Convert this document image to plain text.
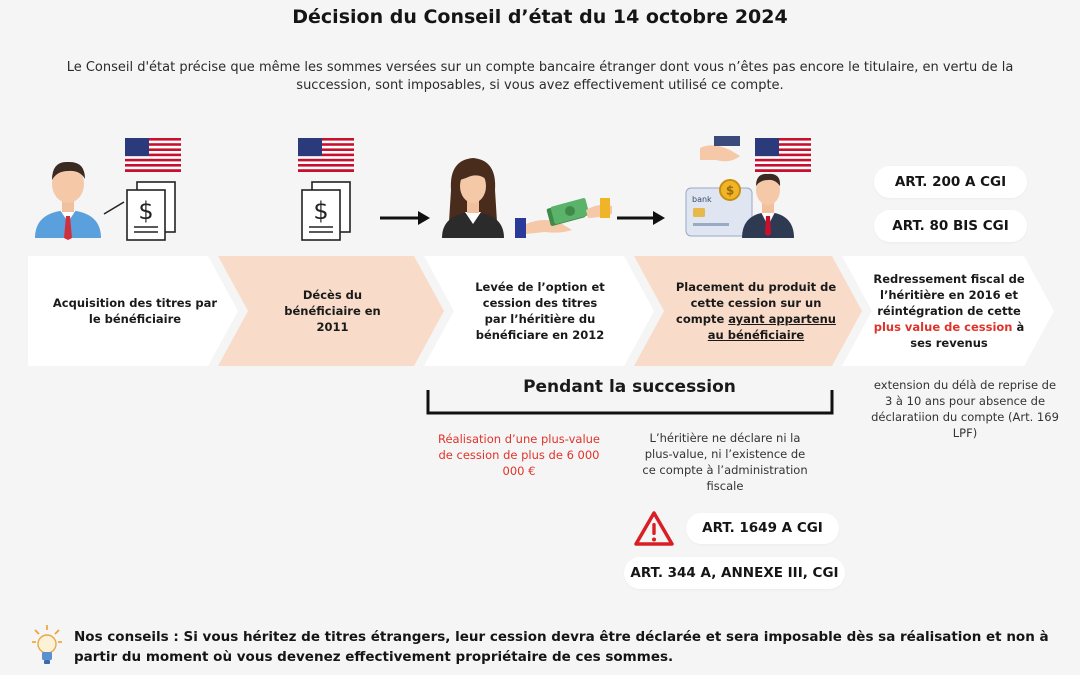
Décision du Conseil d’état du 14 octobre 2024
Le Conseil d'état précise que même les sommes versées sur un compte bancaire étranger dont vous n’êtes pas encore le titulaire, en vertu de la succession, sont imposables, si vous avez effectivement utilisé ce compte.
$
bank
$
ART. 200 A CGI
ART. 80 BIS CGI
Acquisition des titres par le bénéficiaire
Décès du bénéficiaire en 2011
Levée de l’option et cession des titres par l’héritière du bénéficiare en 2012
Placement du produit de cette cession sur un compte ayant appartenu au bénéficiaire
Redressement fiscal de l’héritière en 2016 et réintégration de cette plus value de cession à ses revenus
Pendant la succession
Réalisation d’une plus-value de cession de plus de 6 000 000 €
L’héritière ne déclare ni la plus-value, ni l’existence de ce compte à l’administration fiscale
extension du délà de reprise de 3 à 10 ans pour absence de déclaratiion du compte (Art. 169 LPF)
ART. 1649 A CGI
ART. 344 A, ANNEXE III, CGI
Nos conseils : Si vous héritez de titres étrangers, leur cession devra être déclarée et sera imposable dès sa réalisation et non à partir du moment où vous devenez effectivement propriétaire de ces sommes.
